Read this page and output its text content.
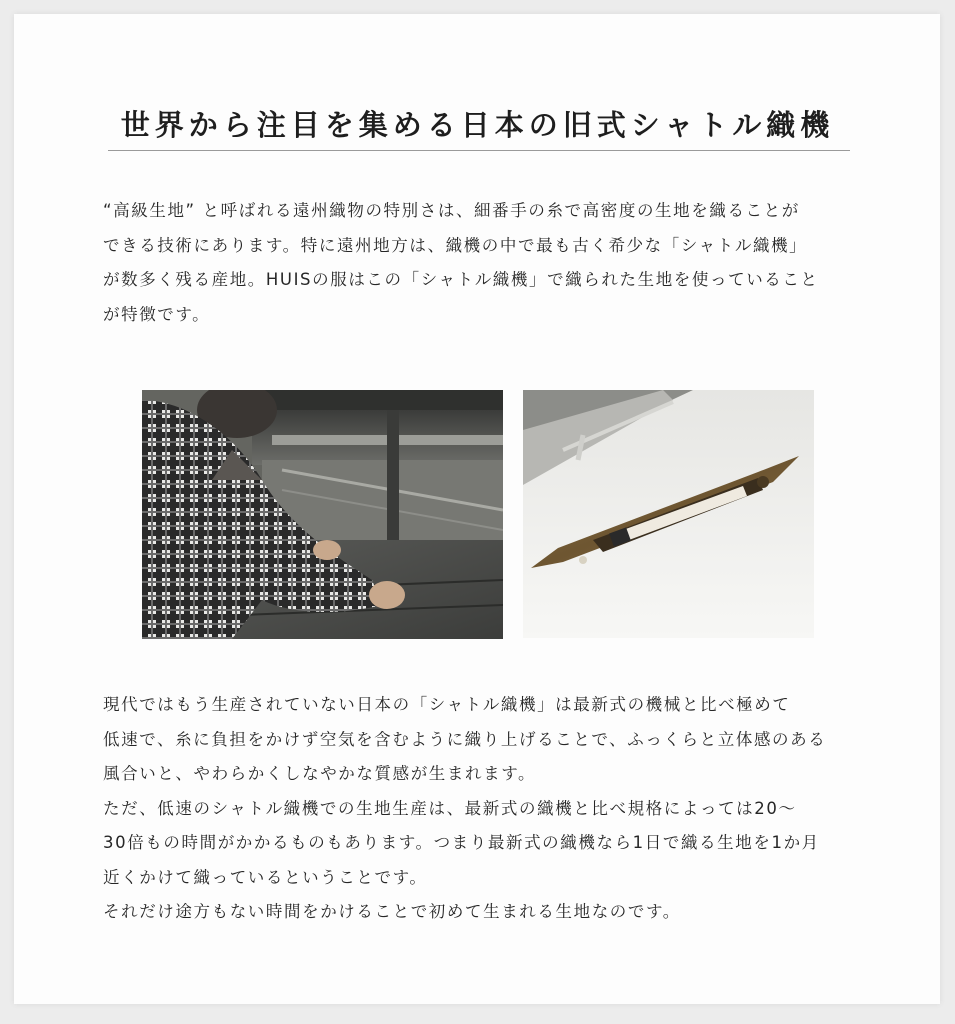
世界から注目を集める日本の旧式シャトル織機

“高級生地” と呼ばれる遠州織物の特別さは、細番手の糸で高密度の生地を織ることが

できる技術にあります。特に遠州地方は、織機の中で最も古く希少な「シャトル織機」

が数多く残る産地。HUISの服はこの「シャトル織機」で織られた生地を使っていること

が特徴です。

現代ではもう生産されていない日本の「シャトル織機」は最新式の機械と比べ極めて

低速で、糸に負担をかけず空気を含むように織り上げることで、ふっくらと立体感のある

風合いと、やわらかくしなやかな質感が生まれます。

ただ、低速のシャトル織機での生地生産は、最新式の織機と比べ規格によっては20～

30倍もの時間がかかるものもあります。つまり最新式の織機なら1日で織る生地を1か月

近くかけて織っているということです。

それだけ途方もない時間をかけることで初めて生まれる生地なのです。
